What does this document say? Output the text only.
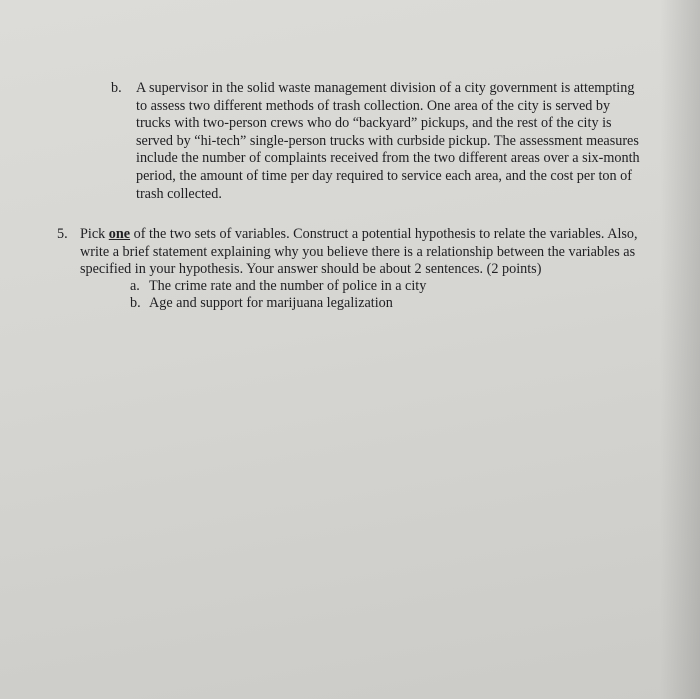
b. A supervisor in the solid waste management division of a city government is attempting
to assess two different methods of trash collection. One area of the city is served by
trucks with two-person crews who do “backyard” pickups, and the rest of the city is
served by “hi-tech” single-person trucks with curbside pickup. The assessment measures
include the number of complaints received from the two different areas over a six-month
period, the amount of time per day required to service each area, and the cost per ton of
trash collected.
5. Pick one of the two sets of variables. Construct a potential hypothesis to relate the variables. Also,
write a brief statement explaining why you believe there is a relationship between the variables as
specified in your hypothesis. Your answer should be about 2 sentences. (2 points)
a. The crime rate and the number of police in a city
b. Age and support for marijuana legalization
